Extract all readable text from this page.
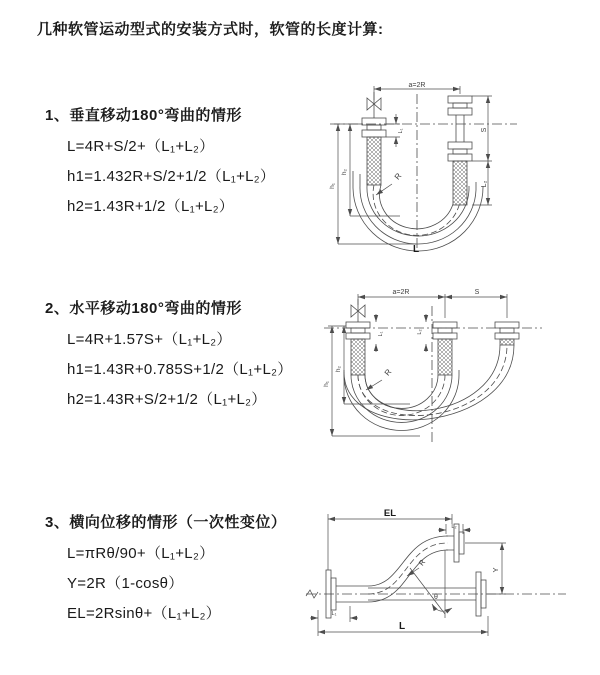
几种软管运动型式的安装方式时，软管的长度计算:
1、垂直移动180°弯曲的情形

L=4R+S/2+（L₁+L₂）

h1=1.432R+S/2+1/2（L₁+L₂）

h2=1.43R+1/2（L₁+L₂）

2、水平移动180°弯曲的情形

L=4R+1.57S+（L₁+L₂）

h1=1.43R+0.785S+1/2（L₁+L₂）

h2=1.43R+S/2+1/2（L₁+L₂）

3、横向位移的情形（一次性变位）

L=πRθ/90+（L₁+L₂）

Y=2R（1-cosθ）

EL=2Rsinθ+（L₁+L₂）

a=2R
S
L₂
L₁
h₁
h₂	R
L
a=2R	S
h₁
h₂
L₁	L₂
R
EL
L₂
Y
R
θ
L₁
L
